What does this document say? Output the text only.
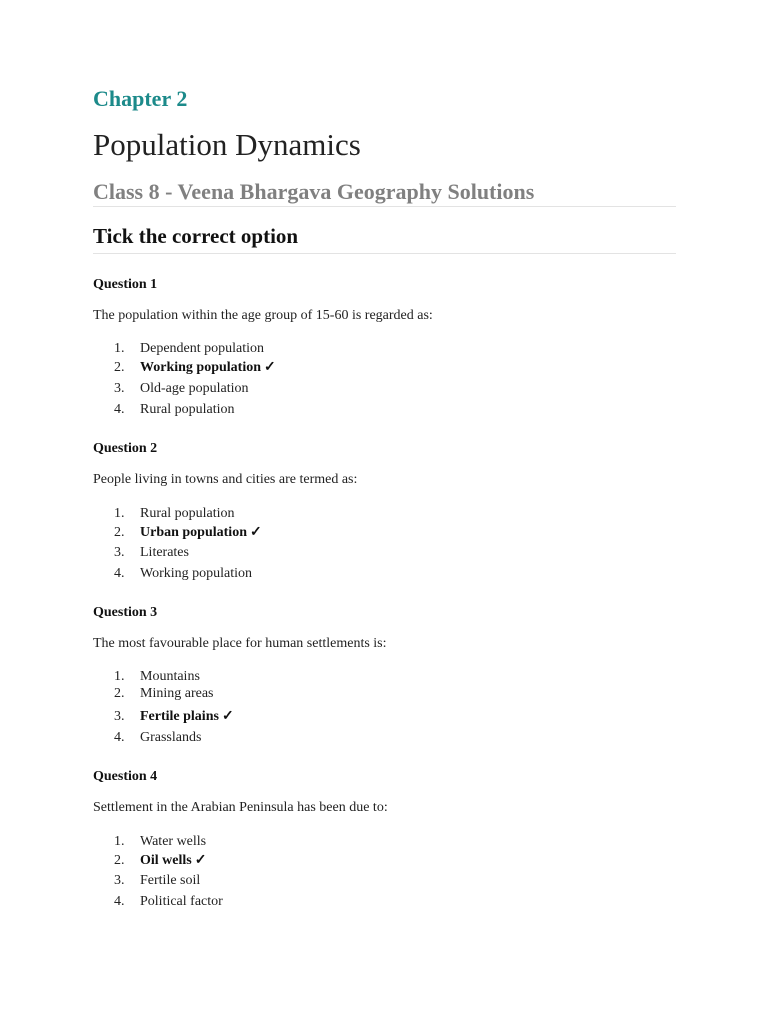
Chapter 2
Population Dynamics
Class 8 - Veena Bhargava Geography Solutions
Tick the correct option
Question 1
The population within the age group of 15-60 is regarded as:
1.	Dependent population
2.	Working population ✓
3.	Old-age population
4.	Rural population
Question 2
People living in towns and cities are termed as:
1.	Rural population
2.	Urban population ✓
3.	Literates
4.	Working population
Question 3
The most favourable place for human settlements is:
1.	Mountains
2.	Mining areas
3.	Fertile plains ✓
4.	Grasslands
Question 4
Settlement in the Arabian Peninsula has been due to:
1.	Water wells
2.	Oil wells ✓
3.	Fertile soil
4.	Political factor
